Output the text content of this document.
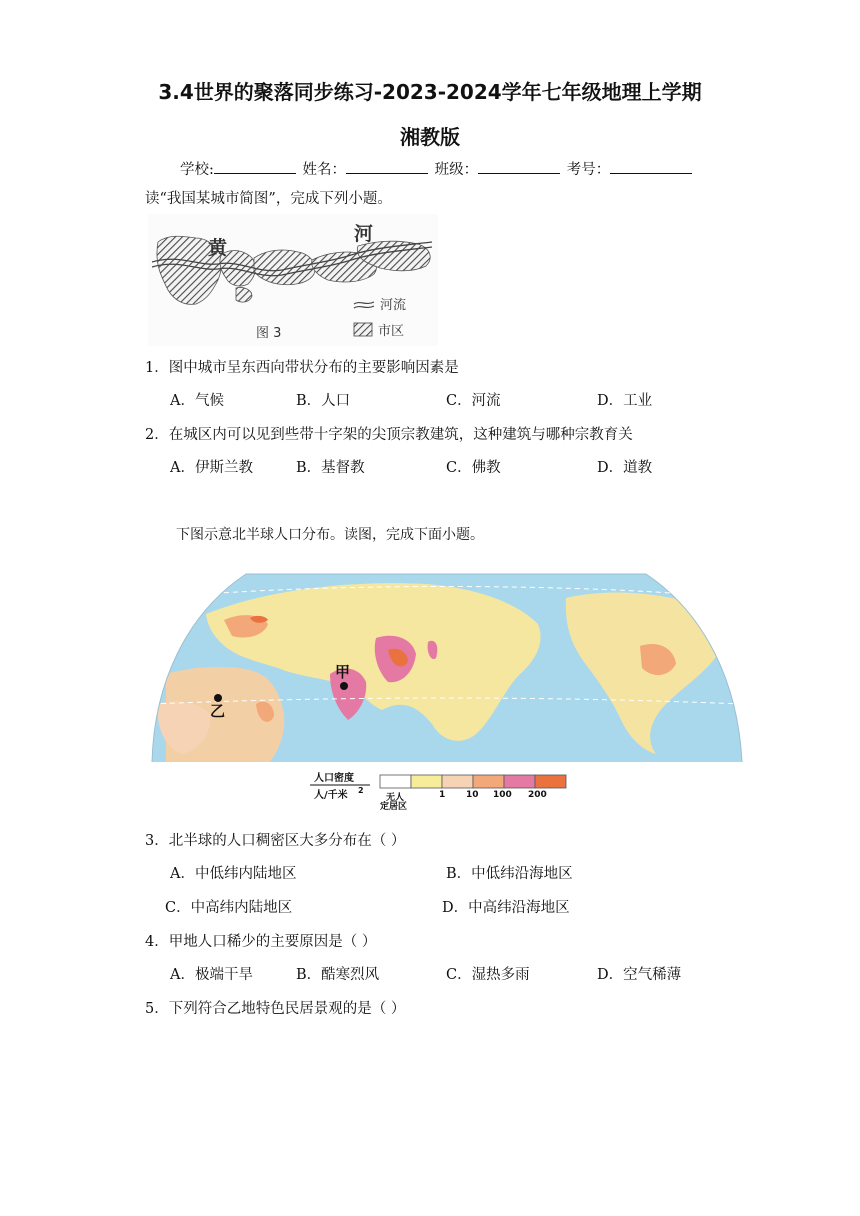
3.4世界的聚落同步练习-2023-2024学年七年级地理上学期
湘教版
学校:	姓名：	班级：	考号：
读“我国某城市简图”，完成下列小题。
黄
河
图 3
河流
市区
1．图中城市呈东西向带状分布的主要影响因素是
A．气候	B．人口	C．河流	D．工业
2．在城区内可以见到些带十字架的尖顶宗教建筑，这种建筑与哪种宗教育关
A．伊斯兰教	B．基督教	C．佛教	D．道教
下图示意北半球人口分布。读图，完成下面小题。
甲
乙
人口密度
人/千米 2
无人
定居区
1 10 100 200
3．北半球的人口稠密区大多分布在（ ）
A．中低纬内陆地区	B．中低纬沿海地区
C．中高纬内陆地区	D．中高纬沿海地区
4．甲地人口稀少的主要原因是（ ）
A．极端干旱	B．酷寒烈风	C．湿热多雨	D．空气稀薄
5．下列符合乙地特色民居景观的是（ ）
